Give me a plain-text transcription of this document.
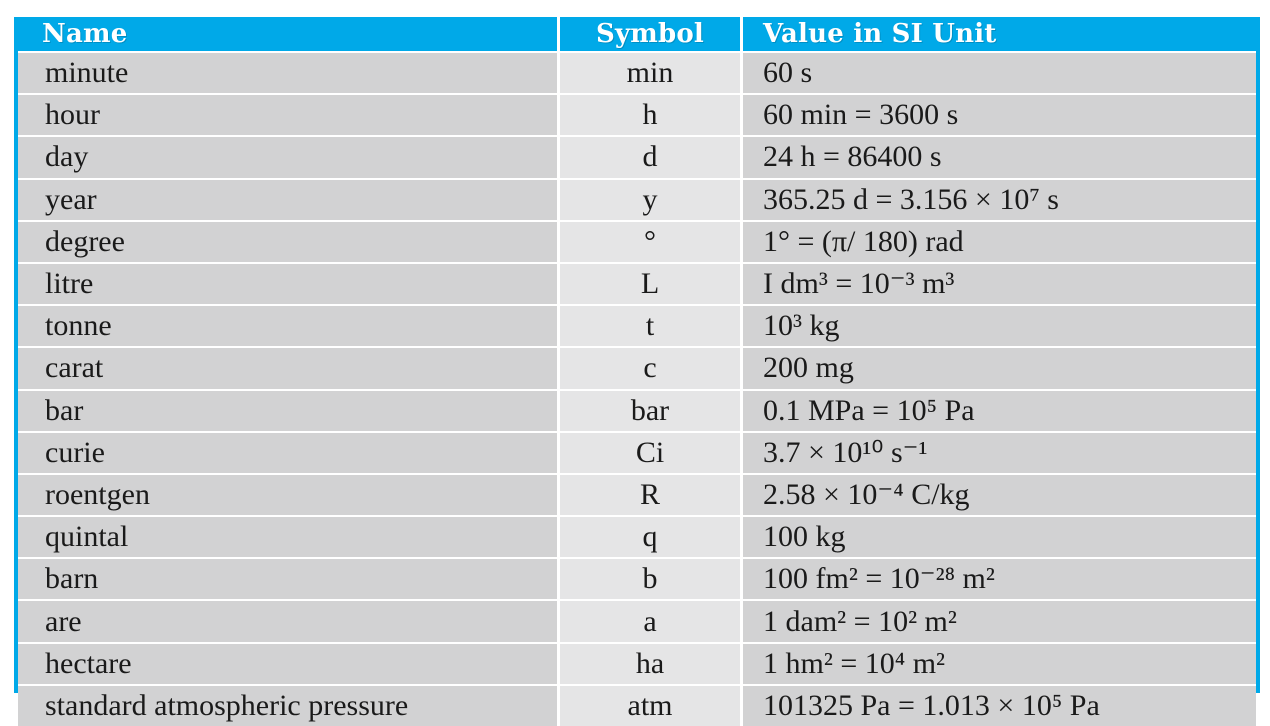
Name	Symbol	Value in SI Unit
minute	min	60 s
hour	h	60 min = 3600 s
day	d	24 h = 86400 s
year	y	365.25 d = 3.156 × 10⁷ s
degree	°	1° = (π/ 180) rad
litre	L	I dm³ = 10⁻³ m³
tonne	t	10³ kg
carat	c	200 mg
bar	bar	0.1 MPa = 10⁵ Pa
curie	Ci	3.7 × 10¹⁰ s⁻¹
roentgen	R	2.58 × 10⁻⁴ C/kg
quintal	q	100 kg
barn	b	100 fm² = 10⁻²⁸ m²
are	a	1 dam² = 10² m²
hectare	ha	1 hm² = 10⁴ m²
standard atmospheric pressure	atm	101325 Pa = 1.013 × 10⁵ Pa
